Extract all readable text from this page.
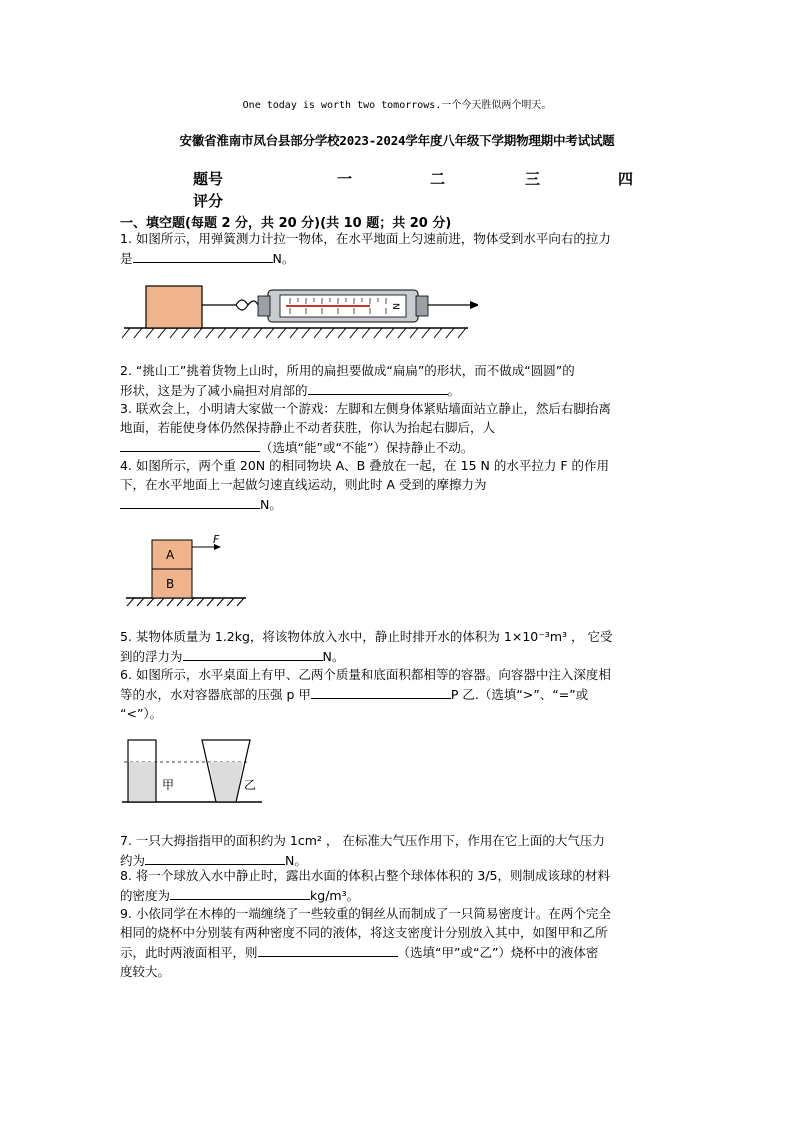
One today is worth two tomorrows.一个今天胜似两个明天。
安徽省淮南市凤台县部分学校2023-2024学年度八年级下学期物理期中考试试题
题号	一	二	三	四
评分
一、填空题(每题 2 分，共 20 分)(共 10 题；共 20 分)
1. 如图所示，用弹簧测力计拉一物体，在水平地面上匀速前进，物体受到水平向右的拉力
是	N。
N
2. “挑山工”挑着货物上山时，所用的扁担要做成“扁扁”的形状，而不做成“圆圆”的
形状，这是为了减小扁担对肩部的	。
3. 联欢会上，小明请大家做一个游戏：左脚和左侧身体紧贴墙面站立静止，然后右脚抬离
地面，若能使身体仍然保持静止不动者获胜，你认为抬起右脚后，人
（选填“能”或“不能”）保持静止不动。
4. 如图所示，两个重 20N 的相同物块 A、B 叠放在一起，在 15 N 的水平拉力 F 的作用
下，在水平地面上一起做匀速直线运动，则此时 A 受到的摩擦力为
N。
A
B
F
5. 某物体质量为 1.2kg，将该物体放入水中，静止时排开水的体积为 1×10⁻³m³ ， 它受
到的浮力为	N。
6. 如图所示，水平桌面上有甲、乙两个质量和底面积都相等的容器。向容器中注入深度相
等的水，水对容器底部的压强 p 甲	P 乙.（选填“>”、“=”或
“<”）。
甲	乙
7. 一只大拇指指甲的面积约为 1cm² ， 在标准大气压作用下，作用在它上面的大气压力
约为	N。
8. 将一个球放入水中静止时，露出水面的体积占整个球体体积的 3/5，则制成该球的材料
的密度为	kg/m³。
9. 小依同学在木棒的一端缠绕了一些较重的铜丝从而制成了一只简易密度计。在两个完全
相同的烧杯中分别装有两种密度不同的液体，将这支密度计分别放入其中，如图甲和乙所
示，此时两液面相平，则	（选填“甲”或“乙”）烧杯中的液体密
度较大。
